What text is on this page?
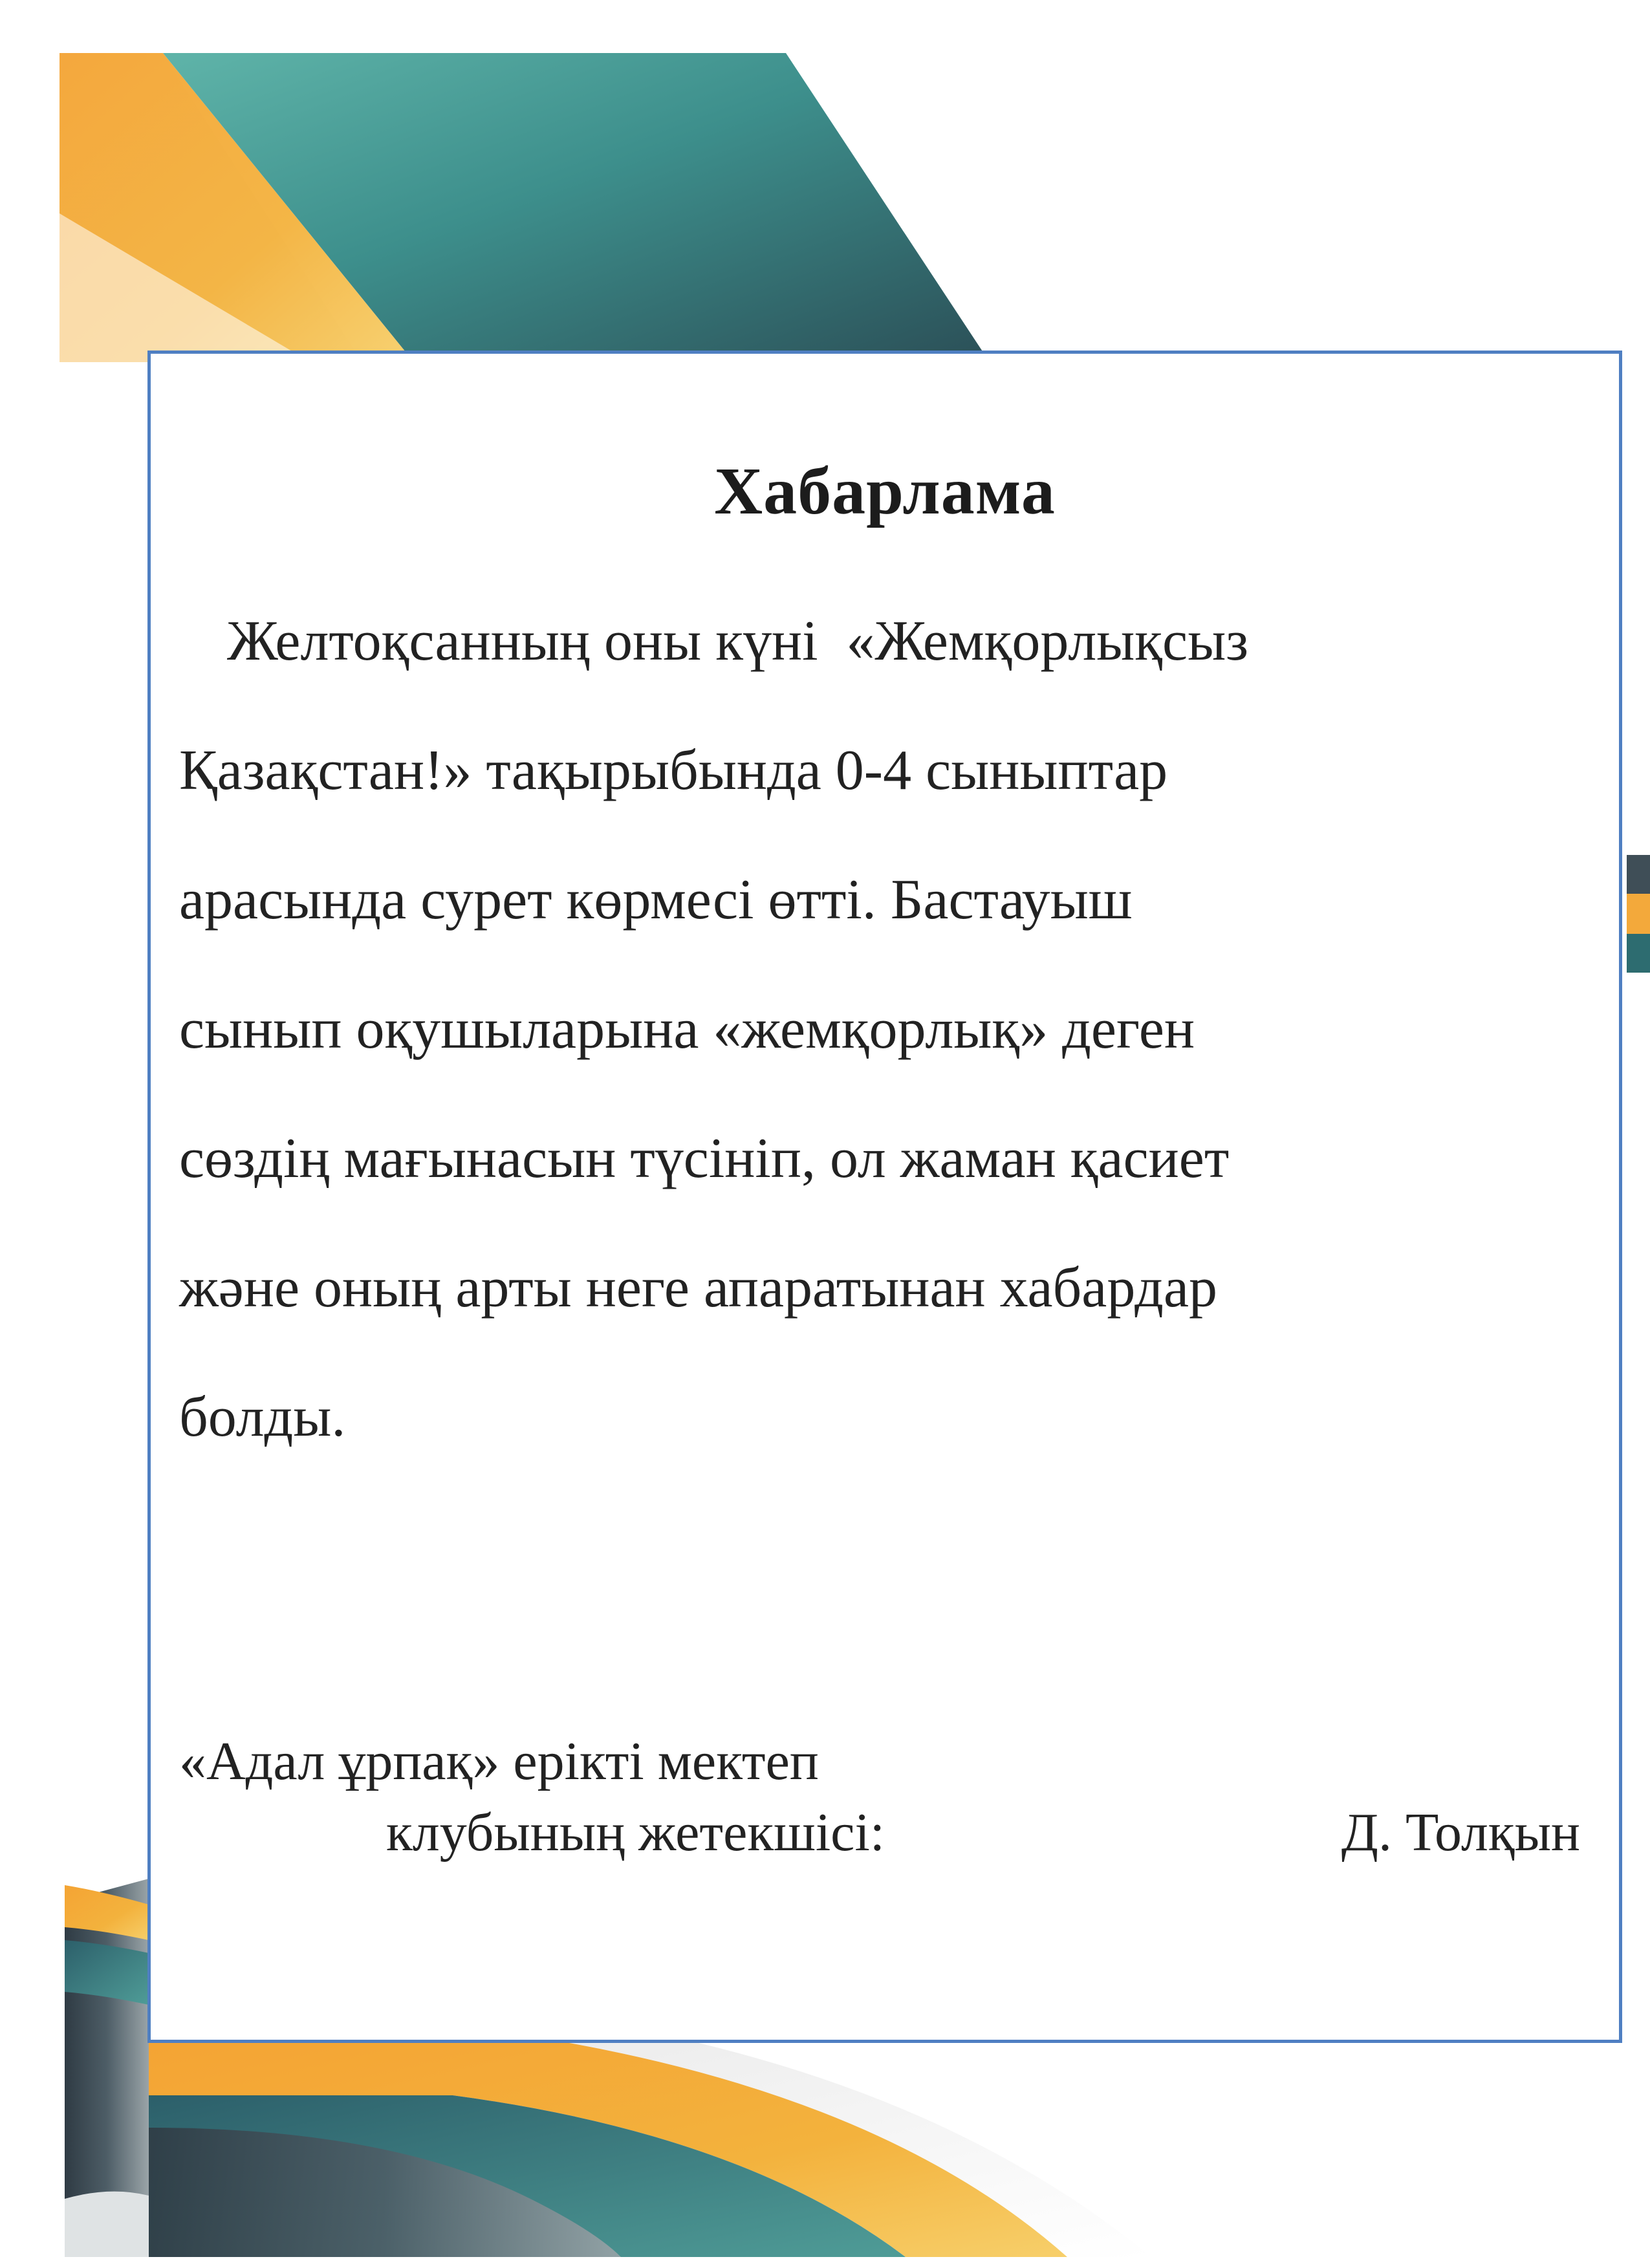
Хабарлама
Желтоқсанның оны күні  «Жемқорлықсыз
Қазақстан!» тақырыбында 0-4 сыныптар
арасында сурет көрмесі өтті. Бастауыш
сынып оқушыларына «жемқорлық» деген
сөздің мағынасын түсініп, ол жаман қасиет
және оның арты неге апаратынан хабардар
болды.
«Адал ұрпақ» ерікті мектеп
клубының жетекшісі:	Д. Толқын
